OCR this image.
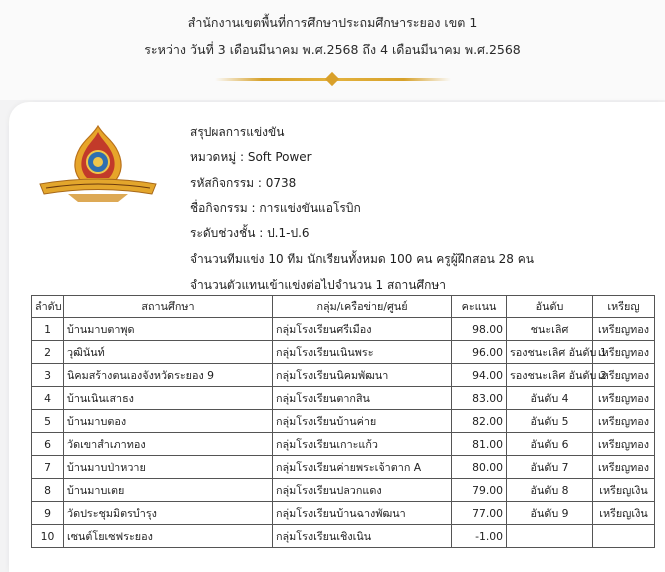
สำนักงานเขตพื้นที่การศึกษาประถมศึกษาระยอง เขต 1
ระหว่าง วันที่ 3 เดือนมีนาคม พ.ศ.2568 ถึง 4 เดือนมีนาคม พ.ศ.2568
สรุปผลการแข่งขัน
หมวดหมู่ : Soft Power
รหัสกิจกรรม : 0738
ชื่อกิจกรรม : การแข่งขันแอโรบิก
ระดับช่วงชั้น : ป.1-ป.6
จำนวนทีมแข่ง 10 ทีม นักเรียนทั้งหมด 100 คน ครูผู้ฝึกสอน 28 คน
จำนวนตัวแทนเข้าแข่งต่อไปจำนวน 1 สถานศึกษา
ลำดับ	สถานศึกษา	กลุ่ม/เครือข่าย/ศูนย์	คะแนน	อันดับ	เหรียญ
1	บ้านมาบตาพุด	กลุ่มโรงเรียนศรีเมือง	98.00	ชนะเลิศ	เหรียญทอง
2	วุฒินันท์	กลุ่มโรงเรียนเนินพระ	96.00	รองชนะเลิศ อันดับ 1	เหรียญทอง
3	นิคมสร้างตนเองจังหวัดระยอง 9	กลุ่มโรงเรียนนิคมพัฒนา	94.00	รองชนะเลิศ อันดับ 2	เหรียญทอง
4	บ้านเนินเสาธง	กลุ่มโรงเรียนตากสิน	83.00	อันดับ 4	เหรียญทอง
5	บ้านมาบตอง	กลุ่มโรงเรียนบ้านค่าย	82.00	อันดับ 5	เหรียญทอง
6	วัดเขาสำเภาทอง	กลุ่มโรงเรียนเกาะแก้ว	81.00	อันดับ 6	เหรียญทอง
7	บ้านมาบป่าหวาย	กลุ่มโรงเรียนค่ายพระเจ้าตาก A	80.00	อันดับ 7	เหรียญทอง
8	บ้านมาบเตย	กลุ่มโรงเรียนปลวกแดง	79.00	อันดับ 8	เหรียญเงิน
9	วัดประชุมมิตรบำรุง	กลุ่มโรงเรียนบ้านฉางพัฒนา	77.00	อันดับ 9	เหรียญเงิน
10	เซนต์โยเซฟระยอง	กลุ่มโรงเรียนเชิงเนิน	-1.00		
